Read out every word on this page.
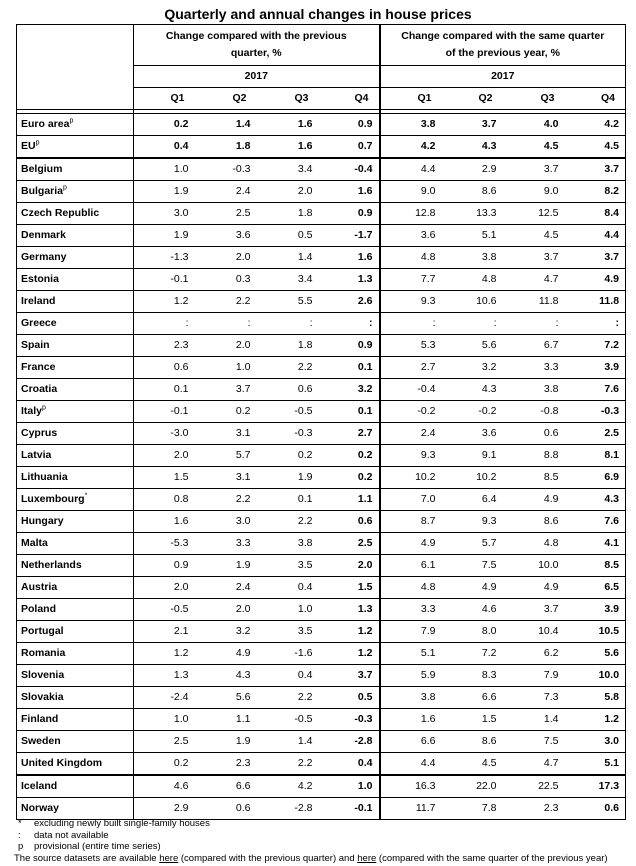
Quarterly and annual changes in house prices
	Change compared with the previous quarter, %				Change compared with the same quarter of the previous year, %			
	2017				2017			
	Q1	Q2	Q3	Q4	Q1	Q2	Q3	Q4

Euro area$^p$	0.2	1.4	1.6	0.9	3.8	3.7	4.0	4.2
$EU^p$	0.4	1.8	1.6	0.7	4.2	4.3	4.5	4.5
Belgium	1.0	-0.3	3.4	-0.4	4.4	2.9	3.7	3.7
Bulgaria$^p$	1.9	2.4	2.0	1.6	9.0	8.6	9.0	8.2
Czech Republic	3.0	2.5	1.8	0.9	12.8	13.3	12.5	8.4
Denmark	1.9	3.6	0.5	-1.7	3.6	5.1	4.5	4.4
Germany	-1.3	2.0	1.4	1.6	4.8	3.8	3.7	3.7
Estonia	-0.1	0.3	3.4	1.3	7.7	4.8	4.7	4.9
Ireland	1.2	2.2	5.5	2.6	9.3	10.6	11.8	11.8
Greece	:	:	:	:	:	:	:	:
Spain	2.3	2.0	1.8	0.9	5.3	5.6	6.7	7.2
France	0.6	1.0	2.2	0.1	2.7	3.2	3.3	3.9
Croatia	0.1	3.7	0.6	3.2	-0.4	4.3	3.8	7.6
Italy$^p$	-0.1	0.2	-0.5	0.1	-0.2	-0.2	-0.8	-0.3
Cyprus	-3.0	3.1	-0.3	2.7	2.4	3.6	0.6	2.5
Latvia	2.0	5.7	0.2	0.2	9.3	9.1	8.8	8.1
Lithuania	1.5	3.1	1.9	0.2	10.2	10.2	8.5	6.9
Luxembourg*	0.8	2.2	0.1	1.1	7.0	6.4	4.9	4.3
Hungary	1.6	3.0	2.2	0.6	8.7	9.3	8.6	7.6
Malta	-5.3	3.3	3.8	2.5	4.9	5.7	4.8	4.1
Netherlands	0.9	1.9	3.5	2.0	6.1	7.5	10.0	8.5
Austria	2.0	2.4	0.4	1.5	4.8	4.9	4.9	6.5
Poland	-0.5	2.0	1.0	1.3	3.3	4.6	3.7	3.9
Portugal	2.1	3.2	3.5	1.2	7.9	8.0	10.4	10.5
Romania	1.2	4.9	-1.6	1.2	5.1	7.2	6.2	5.6
Slovenia	1.3	4.3	0.4	3.7	5.9	8.3	7.9	10.0
Slovakia	-2.4	5.6	2.2	0.5	3.8	6.6	7.3	5.8
Finland	1.0	1.1	-0.5	-0.3	1.6	1.5	1.4	1.2
Sweden	2.5	1.9	1.4	-2.8	6.6	8.6	7.5	3.0
United Kingdom	0.2	2.3	2.2	0.4	4.4	4.5	4.7	5.1
Iceland	4.6	6.6	4.2	1.0	16.3	22.0	22.5	17.3
Norway	2.9	0.6	-2.8	-0.1	11.7	7.8	2.3	0.6
*	excluding newly built single-family houses
:	data not available
p	provisional (entire time series)
The source datasets are available here (compared with the previous quarter) and here (compared with the same quarter of the previous year)
